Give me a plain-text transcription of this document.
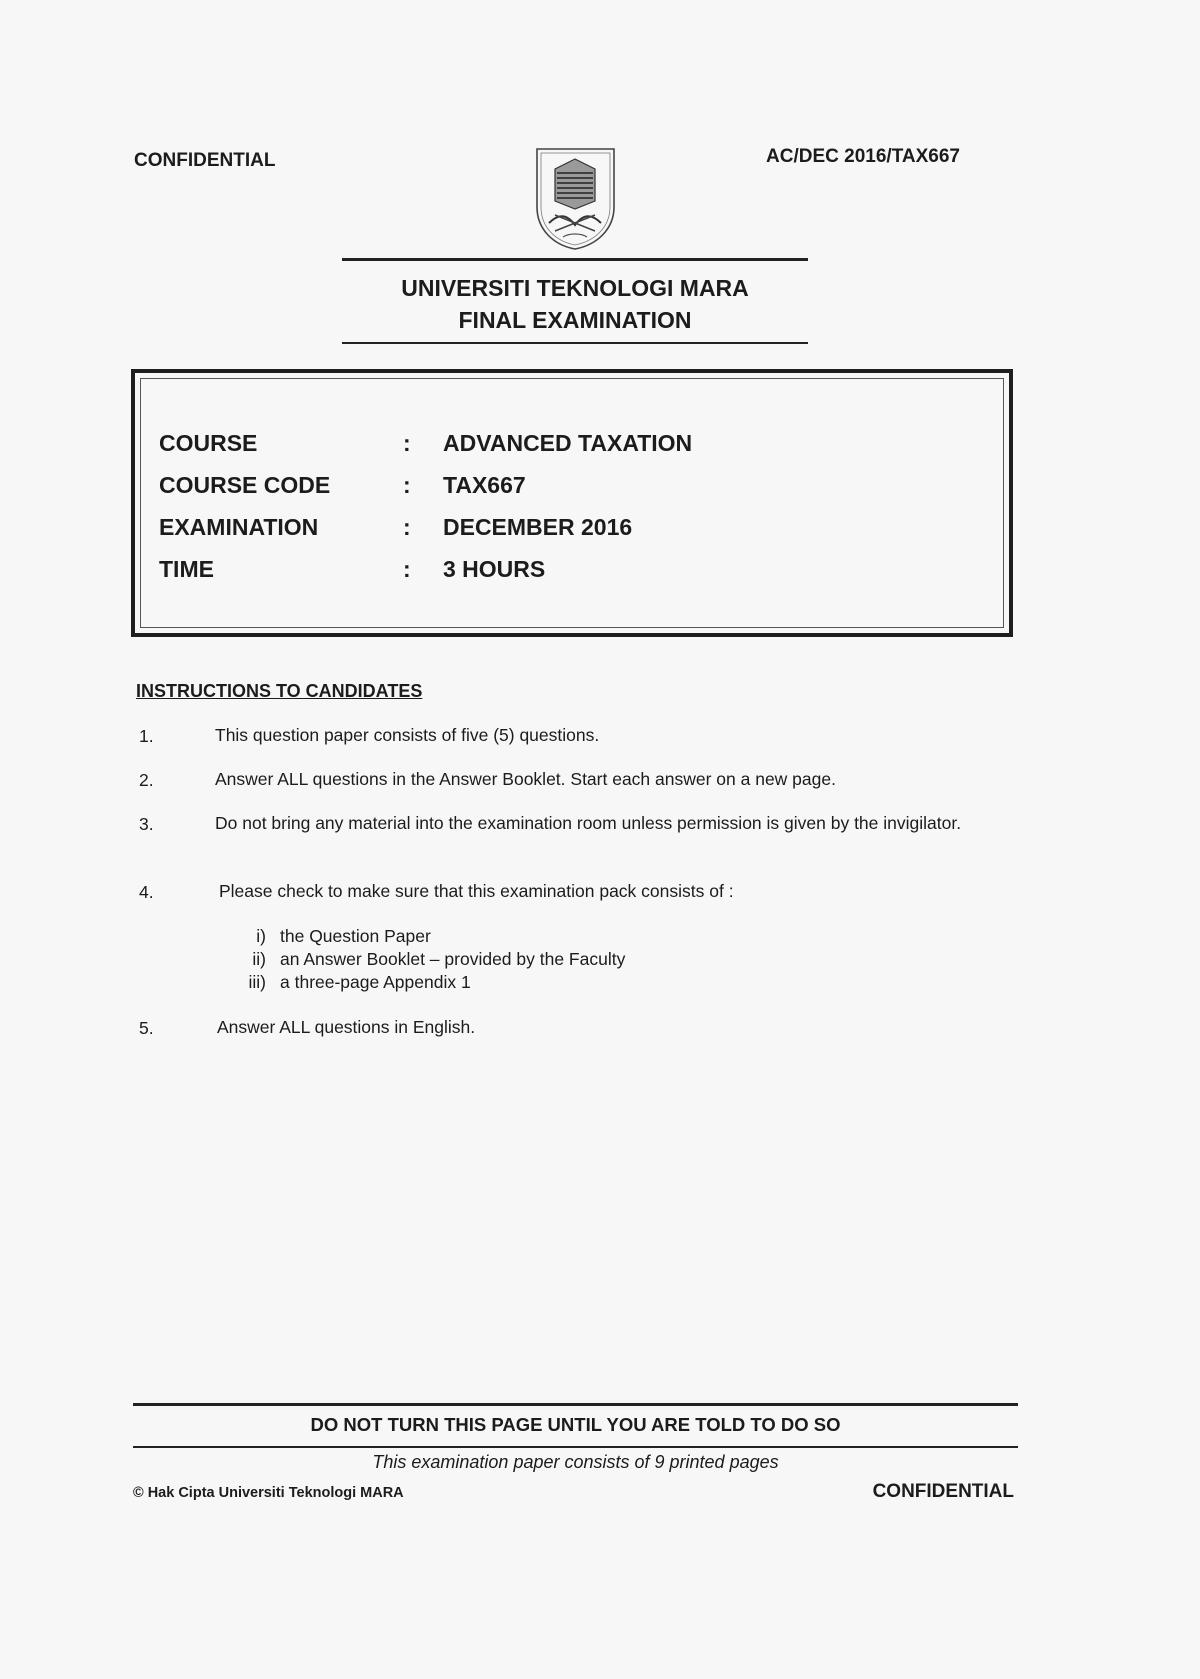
CONFIDENTIAL	AC/DEC 2016/TAX667
UNIVERSITI TEKNOLOGI MARA
FINAL EXAMINATION
COURSE	: ADVANCED TAXATION
COURSE CODE	: TAX667
EXAMINATION	: DECEMBER 2016
TIME	: 3 HOURS
INSTRUCTIONS TO CANDIDATES
1.	This question paper consists of five (5) questions.
2.	Answer ALL questions in the Answer Booklet. Start each answer on a new page.
3.	Do not bring any material into the examination room unless permission is given by the invigilator.
4.	Please check to make sure that this examination pack consists of :
i) the Question Paper
ii) an Answer Booklet – provided by the Faculty
iii) a three-page Appendix 1
5.	Answer ALL questions in English.
DO NOT TURN THIS PAGE UNTIL YOU ARE TOLD TO DO SO
This examination paper consists of 9 printed pages
© Hak Cipta Universiti Teknologi MARA	CONFIDENTIAL
